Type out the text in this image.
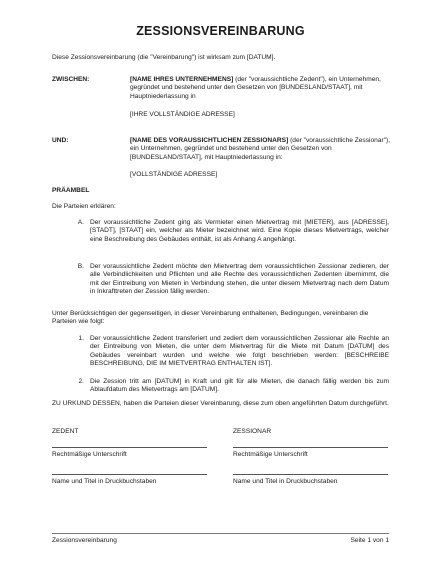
ZESSIONSVEREINBARUNG
Diese Zessionsvereinbarung (die "Vereinbarung") ist wirksam zum [DATUM].
ZWISCHEN:	[NAME IHRES UNTERNEHMENS] (der "voraussichtliche Zedent"), ein Unternehmen, gegründet und bestehend unter den Gesetzen von [BUNDESLAND/STAAT], mit Hauptniederlassung in
[IHRE VOLLSTÄNDIGE ADRESSE]
UND:	[NAME DES VORAUSSICHTLICHEN ZESSIONARS] (der "voraussichtliche Zessionar"), ein Unternehmen, gegründet und bestehend unter den Gesetzen von [BUNDESLAND/STAAT], mit Hauptniederlassung in:
[VOLLSTÄNDIGE ADRESSE]
PRÄAMBEL
Die Parteien erklären:
A. Der voraussichtliche Zedent ging als Vermieter einen Mietvertrag mit [MIETER], aus [ADRESSE], [STADT], [STAAT] ein, welcher als Mieter bezeichnet wird. Eine Kopie dieses Mietvertrags, welcher eine Beschreibung des Gebäudes enthält, ist als Anhang A angehängt.
B. Der voraussichtliche Zedent möchte den Mietvertrag dem voraussichtlichen Zessionar zedieren, der alle Verbindlichkeiten und Pflichten und alle Rechte des voraussichtlichen Zedenten übernimmt, die mit der Eintreibung von Mieten in Verbindung stehen, die unter diesem Mietvertrag nach dem Datum in Inkrafttreten der Zession fällig werden.
Unter Berücksichtigen der gegenseitigen, in dieser Vereinbarung enthaltenen, Bedingungen, vereinbaren die Parteien wie folgt:
1. Der voraussichtliche Zedent transferiert und zediert dem voraussichtlichen Zessionar alle Rechte an der Eintreibung von Mieten, die unter dem Mietvertrag für die Miete mit Datum [DATUM] des Gebäudes vereinbart wurden und welche wie folgt beschrieben werden: [BESCHREIBE BESCHREIBUNG, DIE IM MIETVERTRAG ENTHALTEN IST].
2. Die Zession tritt am [DATUM] in Kraft und gilt für alle Mieten, die danach fällig werden bis zum Ablaufdatum des Mietvertrags am [DATUM].
ZU URKUND DESSEN, haben die Parteien dieser Vereinbarung, diese zum oben angeführten Datum durchgeführt.
ZEDENT	ZESSIONAR
Rechtmäßige Unterschrift	Rechtmäßige Unterschrift
Name und Titel in Druckbuchstaben	Name und Titel in Druckbuchstaben
Zessionsvereinbarung	Seite 1 von 1
